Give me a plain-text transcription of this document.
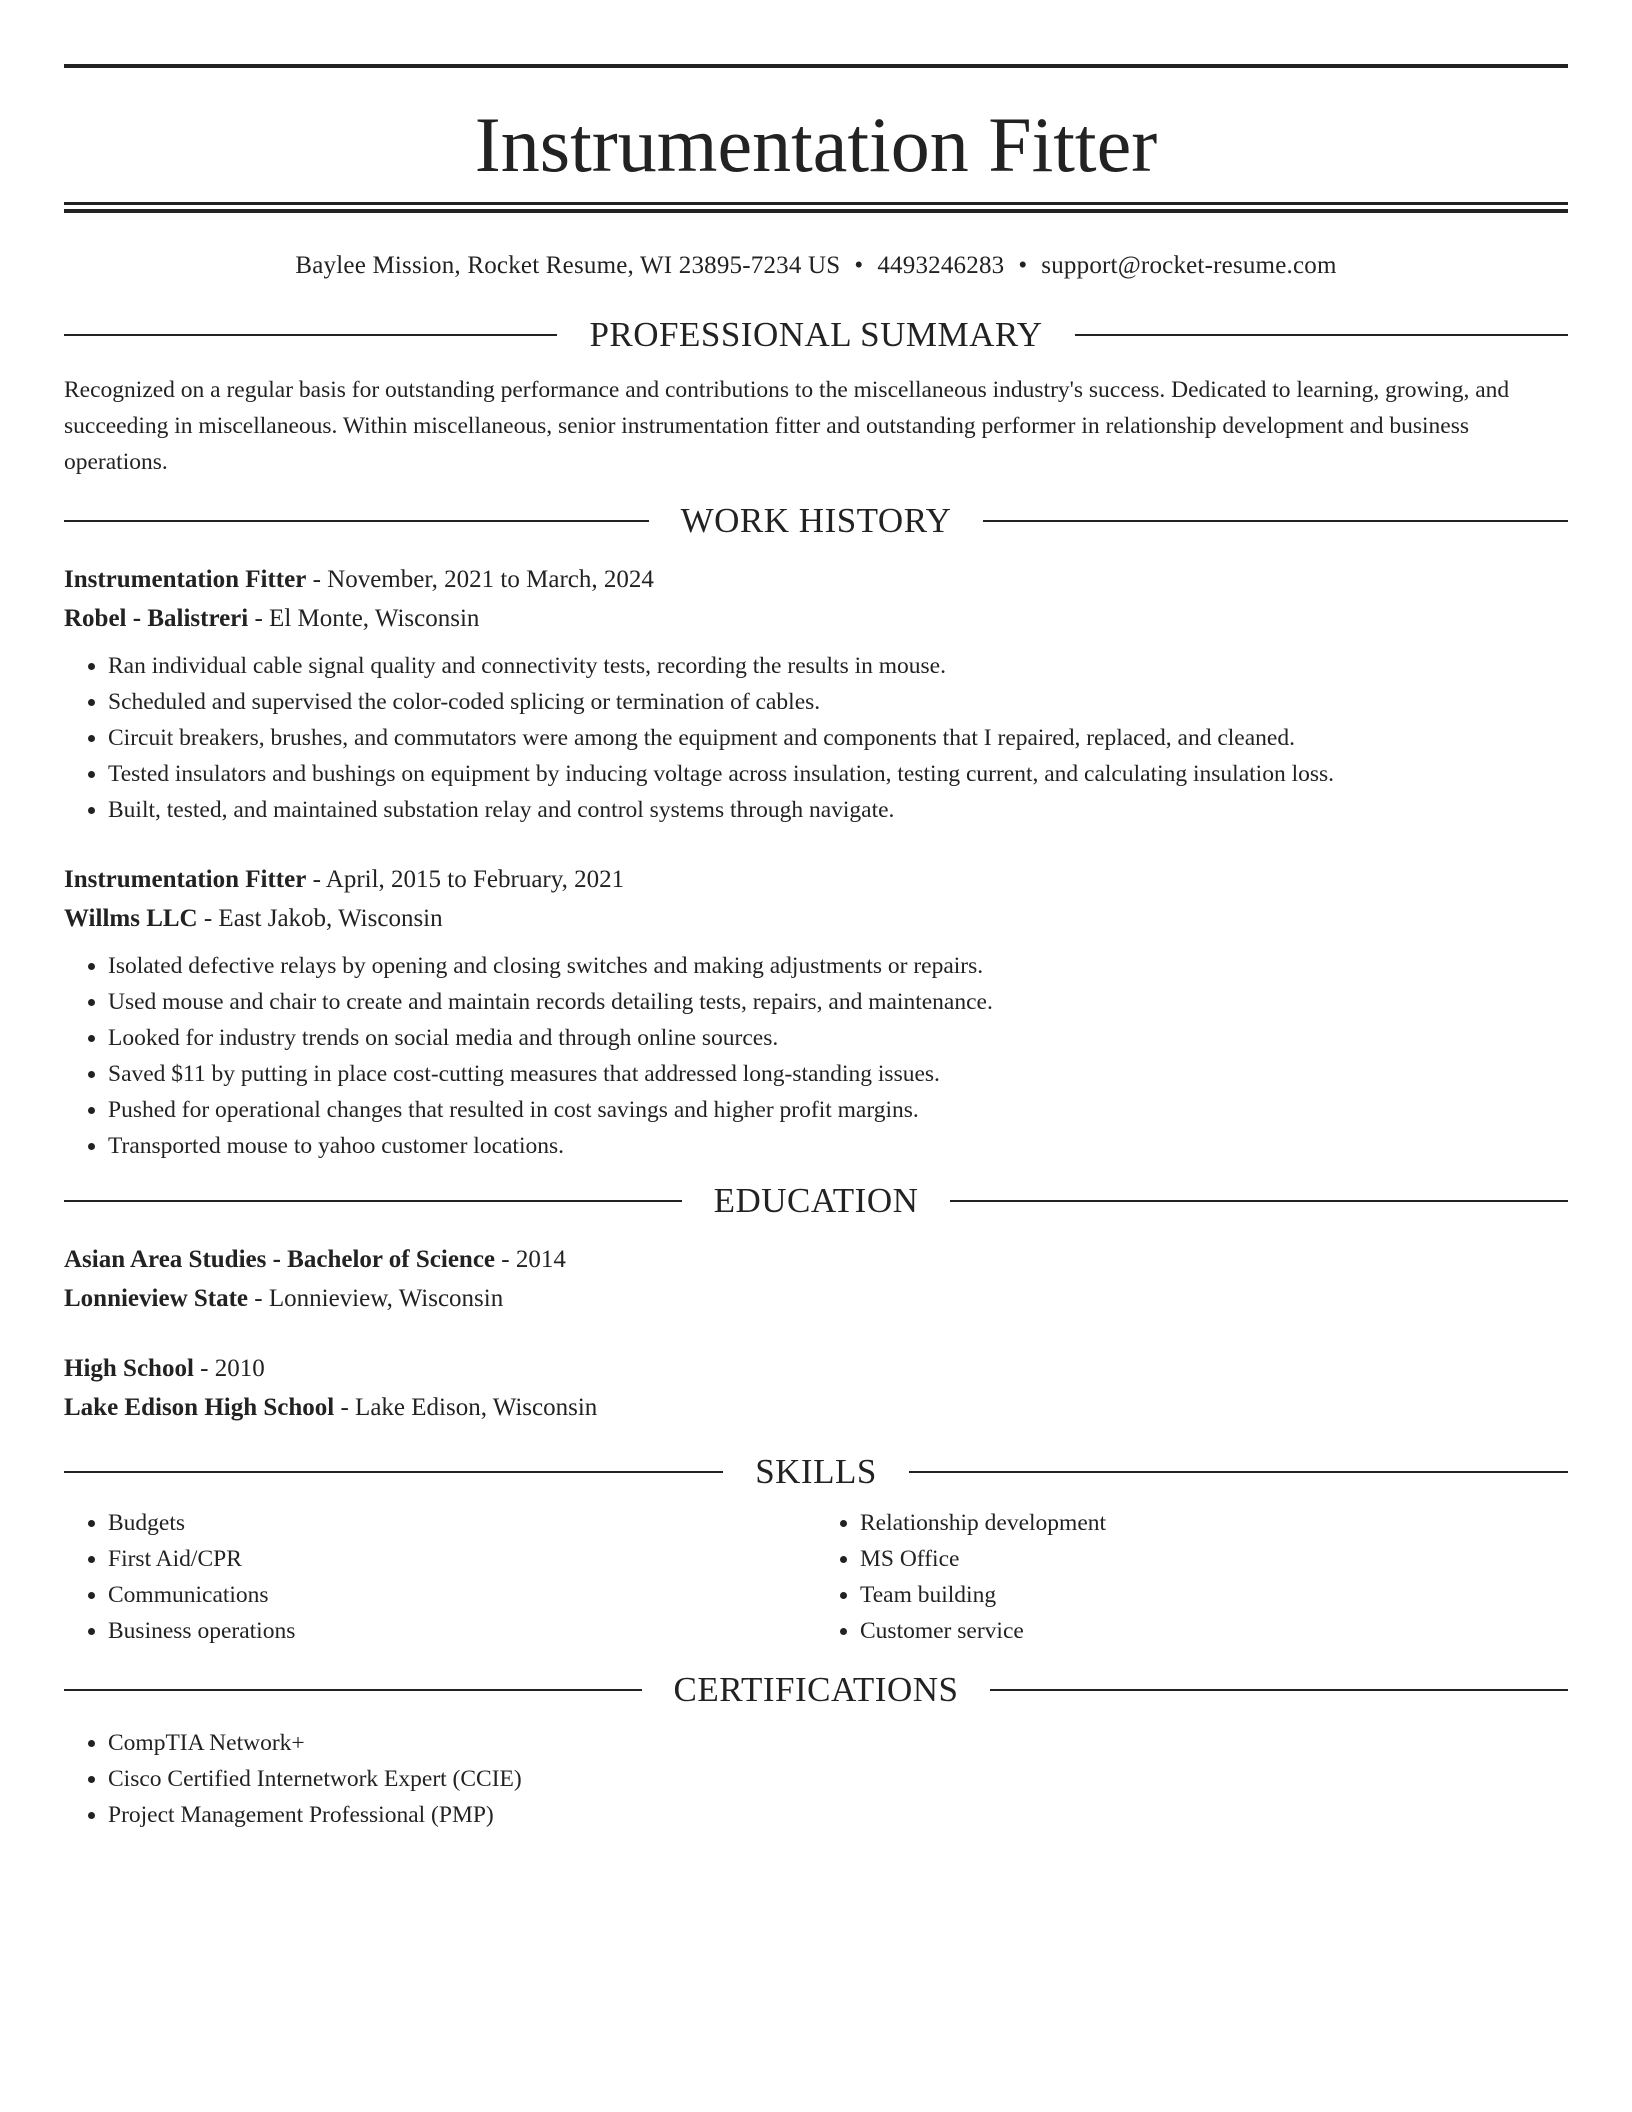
Instrumentation Fitter
Baylee Mission, Rocket Resume, WI 23895-7234 US • 4493246283 • support@rocket-resume.com
PROFESSIONAL SUMMARY

Recognized on a regular basis for outstanding performance and contributions to the miscellaneous industry's success. Dedicated to learning, growing, and succeeding in miscellaneous. Within miscellaneous, senior instrumentation fitter and outstanding performer in relationship development and business operations.

WORK HISTORY
Instrumentation Fitter - November, 2021 to March, 2024
Robel - Balistreri - El Monte, Wisconsin
• Ran individual cable signal quality and connectivity tests, recording the results in mouse.
• Scheduled and supervised the color-coded splicing or termination of cables.
• Circuit breakers, brushes, and commutators were among the equipment and components that I repaired, replaced, and cleaned.
• Tested insulators and bushings on equipment by inducing voltage across insulation, testing current, and calculating insulation loss.
• Built, tested, and maintained substation relay and control systems through navigate.
Instrumentation Fitter - April, 2015 to February, 2021
Willms LLC - East Jakob, Wisconsin
• Isolated defective relays by opening and closing switches and making adjustments or repairs.
• Used mouse and chair to create and maintain records detailing tests, repairs, and maintenance.
• Looked for industry trends on social media and through online sources.
• Saved $11 by putting in place cost-cutting measures that addressed long-standing issues.
• Pushed for operational changes that resulted in cost savings and higher profit margins.
• Transported mouse to yahoo customer locations.
EDUCATION
Asian Area Studies - Bachelor of Science - 2014
Lonnieview State - Lonnieview, Wisconsin
High School - 2010
Lake Edison High School - Lake Edison, Wisconsin
SKILLS
• Budgets
• First Aid/CPR
• Communications
• Business operations
• Relationship development
• MS Office
• Team building
• Customer service
CERTIFICATIONS
• CompTIA Network+
• Cisco Certified Internetwork Expert (CCIE)
• Project Management Professional (PMP)
